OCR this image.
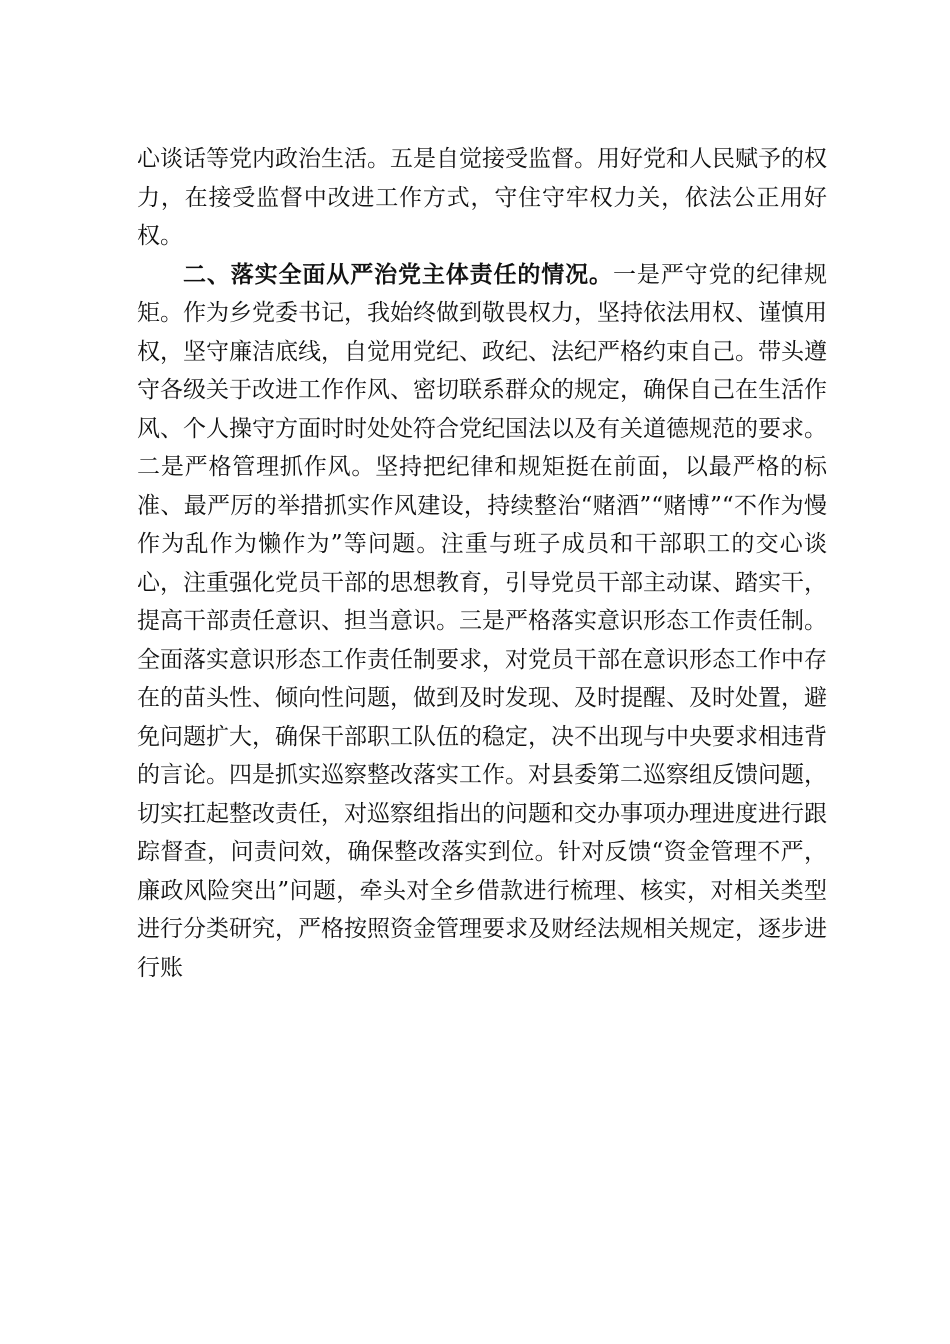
心谈话等党内政治生活。五是自觉接受监督。用好党和人民赋予的权力，在接受监督中改进工作方式，守住守牢权力关，依法公正用好权。

二、落实全面从严治党主体责任的情况。一是严守党的纪律规矩。作为乡党委书记，我始终做到敬畏权力，坚持依法用权、谨慎用权，坚守廉洁底线，自觉用党纪、政纪、法纪严格约束自己。带头遵守各级关于改进工作作风、密切联系群众的规定，确保自己在生活作风、个人操守方面时时处处符合党纪国法以及有关道德规范的要求。二是严格管理抓作风。坚持把纪律和规矩挺在前面，以最严格的标准、最严厉的举措抓实作风建设，持续整治“赌酒”“赌博”“不作为慢作为乱作为懒作为”等问题。注重与班子成员和干部职工的交心谈心，注重强化党员干部的思想教育，引导党员干部主动谋、踏实干，提高干部责任意识、担当意识。三是严格落实意识形态工作责任制。全面落实意识形态工作责任制要求，对党员干部在意识形态工作中存在的苗头性、倾向性问题，做到及时发现、及时提醒、及时处置，避免问题扩大，确保干部职工队伍的稳定，决不出现与中央要求相违背的言论。四是抓实巡察整改落实工作。对县委第二巡察组反馈问题，切实扛起整改责任，对巡察组指出的问题和交办事项办理进度进行跟踪督查，问责问效，确保整改落实到位。针对反馈“资金管理不严，廉政风险突出”问题，牵头对全乡借款进行梳理、核实，对相关类型进行分类研究，严格按照资金管理要求及财经法规相关规定，逐步进行账
